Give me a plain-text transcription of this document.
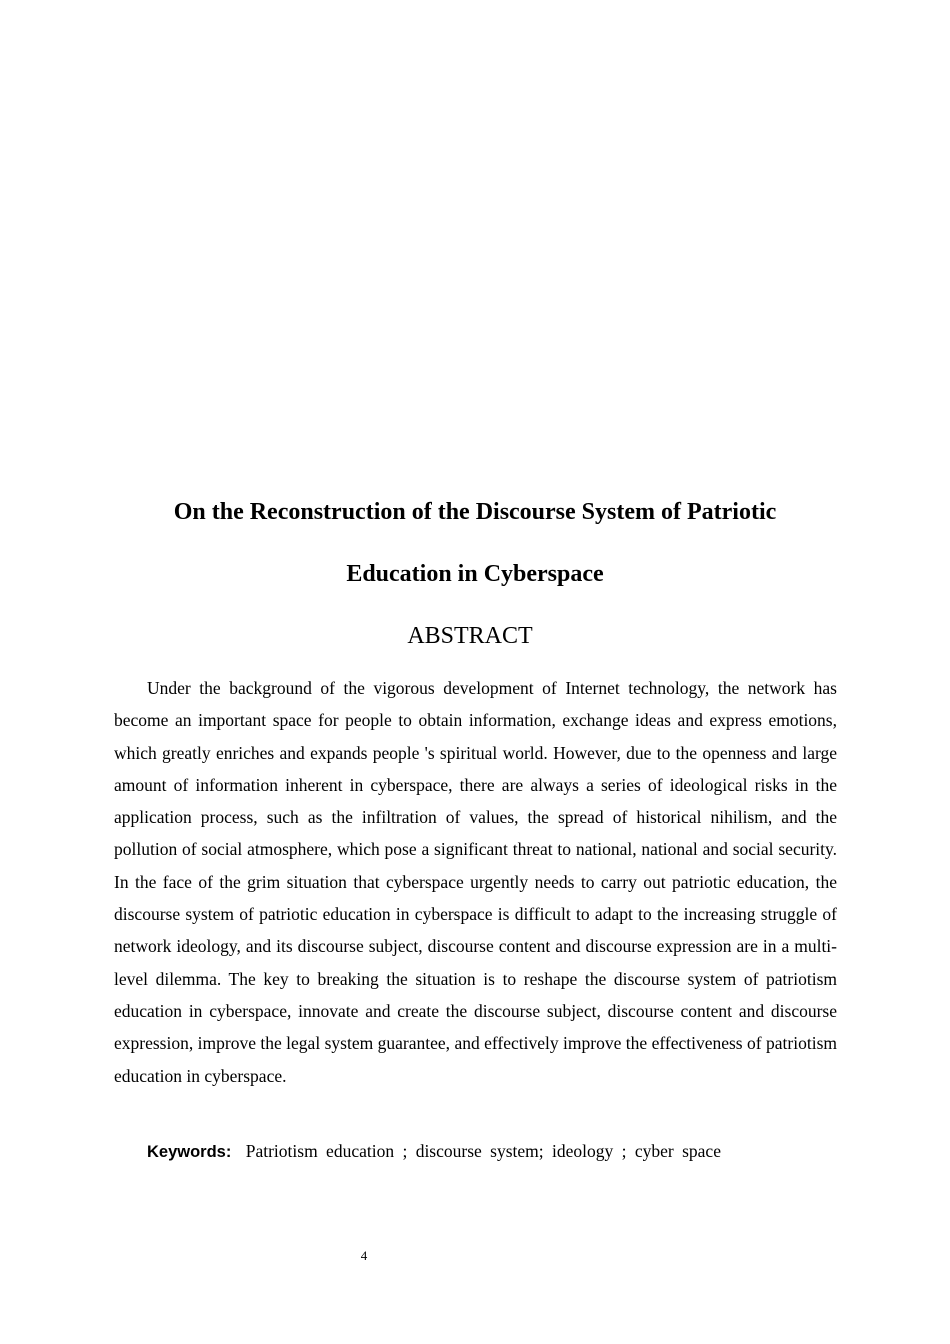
On the Reconstruction of the Discourse System of Patriotic
Education in Cyberspace
ABSTRACT

Under the background of the vigorous development of Internet technology, the network has become an important space for people to obtain information, exchange ideas and express emotions, which greatly enriches and expands people 's spiritual world. However, due to the openness and large amount of information inherent in cyberspace, there are always a series of ideological risks in the application process, such as the infiltration of values, the spread of historical nihilism, and the pollution of social atmosphere, which pose a significant threat to national, national and social security. In the face of the grim situation that cyberspace urgently needs to carry out patriotic education, the discourse system of patriotic education in cyberspace is difficult to adapt to the increasing struggle of network ideology, and its discourse subject, discourse content and discourse expression are in a multi-level dilemma. The key to breaking the situation is to reshape the discourse system of patriotism education in cyberspace, innovate and create the discourse subject, discourse content and discourse expression, improve the legal system guarantee, and effectively improve the effectiveness of patriotism education in cyberspace.

Keywords: Patriotism education ; discourse system; ideology ; cyber space

4
